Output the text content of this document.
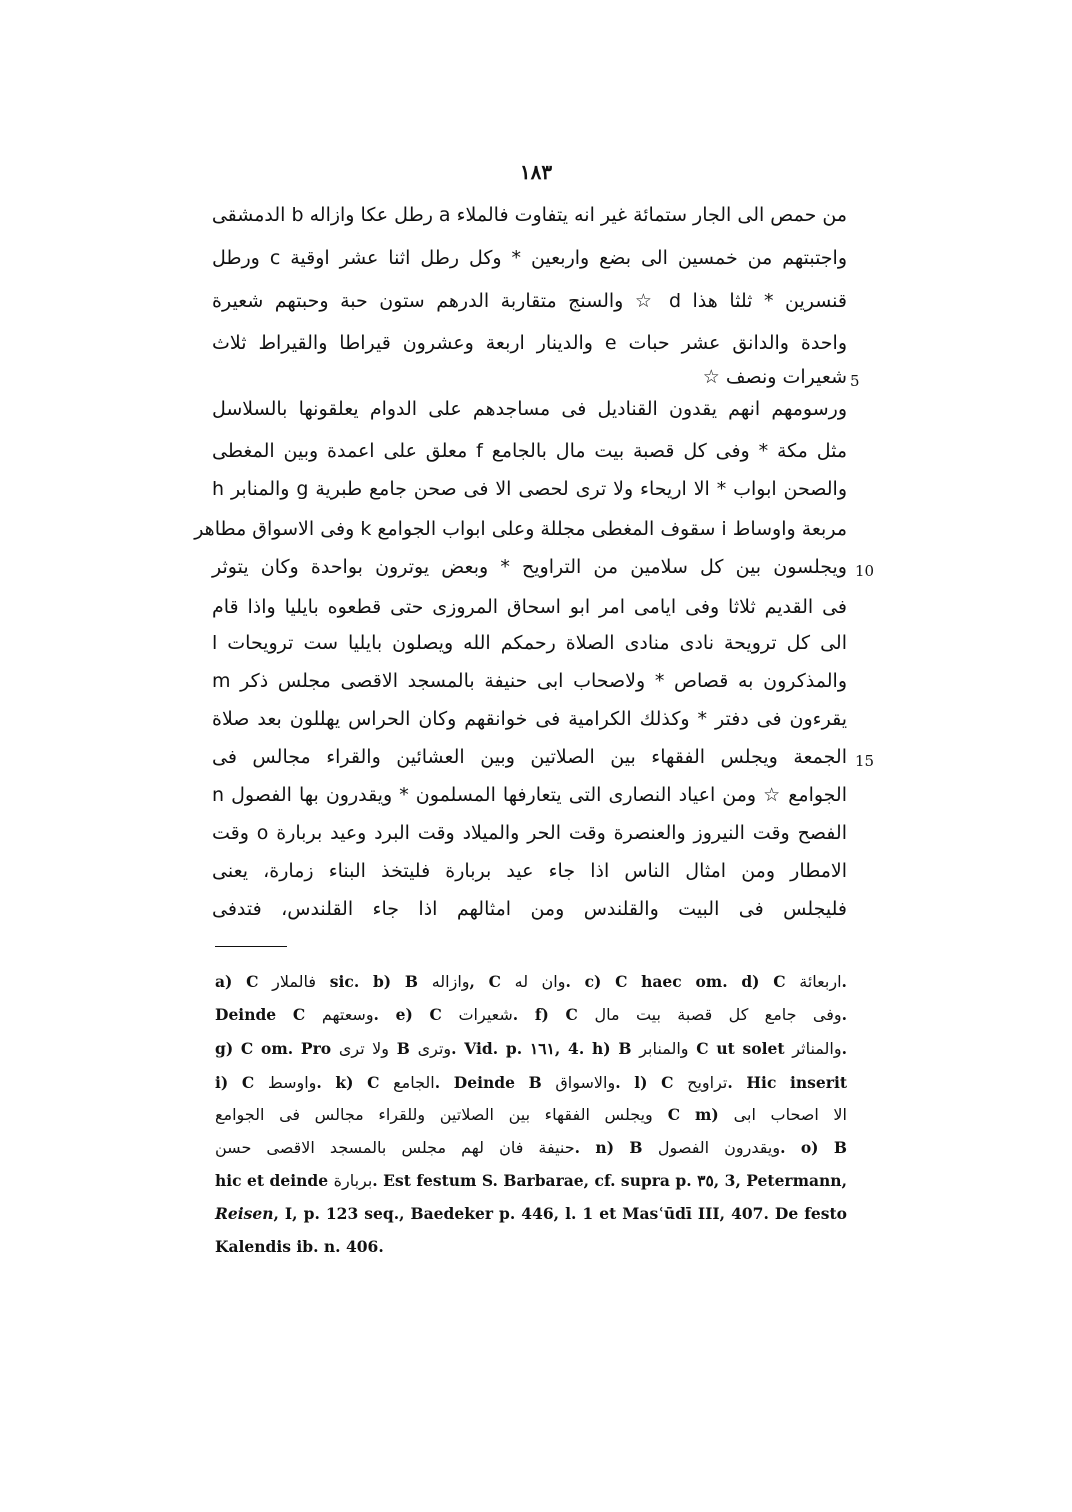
١٨٣
من حمص الى الجار ستمائة غير انه يتفاوت فالملاء a رطل عكا وازاله b الدمشقى
واجتبتهم من خمسين الى بضع واربعين * وكل رطل اثنا عشر اوقية c ورطل
قنسرين * ثلثا هذا d ☆ والسنج متقاربة الدرهم ستون حبة وحبتهم شعيرة
واحدة والدانق عشر حبات e والدينار اربعة وعشرون قيراطا والقيراط ثلاث
شعيرات ونصف ☆ 5
ورسومهم انهم يقدون القناديل فى مساجدهم على الدوام يعلقونها بالسلاسل
مثل مكة * وفى كل قصبة بيت مال بالجامع f معلق على اعمدة وبين المغطى
والصحن ابواب * الا اريحاء ولا ترى لحصى الا فى صحن جامع طبرية g والمنابر h
مربعة واوساط i سقوف المغطى مجللة وعلى ابواب الجوامع k وفى الاسواق مطاهر
ويجلسون بين كل سلامين من التراويح * وبعض يوترون بواحدة وكان يتوثر 10
فى القديم ثلاثا وفى ايامى امر ابو اسحاق المروزى حتى قطعوه بايليا واذا قام
الى كل ترويحة نادى منادى الصلاة رحمكم الله ويصلون بايليا ست ترويحات l
والمذكرون به قصاص * ولاصحاب ابى حنيفة بالمسجد الاقصى مجلس ذكر m
يقرءون فى دفتر * وكذلك الكرامية فى خوانقهم وكان الحراس يهللون بعد صلاة
الجمعة ويجلس الفقهاء بين الصلاتين وبين العشائين والقراء مجالس فى 15
الجوامع ☆ ومن اعياد النصارى التى يتعارفها المسلمون * ويقدرون بها الفصول n
الفصح وقت النيروز والعنصرة وقت الحر والميلاد وقت البرد وعيد بربارة o وقت
الامطار ومن امثال الناس اذا جاء عيد بربارة فليتخذ البناء زمارة، يعنى
فليجلس فى البيت والقلندس ومن امثالهم اذا جاء القلندس، فتدفى
a) C فالملار sic. b) B وازاله, C وان له. c) C haec om. d) C اربعائة.
Deinde C وسعتهم. e) C شعيرات. f) C وفى جامع كل قصبة بيت مال.
g) C om. Pro ولا ترى B وترى. Vid. p. ١٦١, 4. h) B والمنابر C ut solet والمناثر.
i) C واوسط. k) C الجامع. Deinde B والاسواق. l) C تراويح. Hic inserit
الا اصحاب ابى C m) ويجلس الفقهاء بين الصلاتين وللقراء مجالس فى الجوامع
حنيفة فان لهم مجلس بالمسجد الاقصى حسن. n) B ويقدرون الفصول. o) B
hic et deinde بربارة. Est festum S. Barbarae, cf. supra p. ٣٥, 3, Petermann,
Reisen, I, p. 123 seq., Baedeker p. 446, l. 1 et Masʿūdī III, 407. De festo
Kalendis ib. n. 406.
